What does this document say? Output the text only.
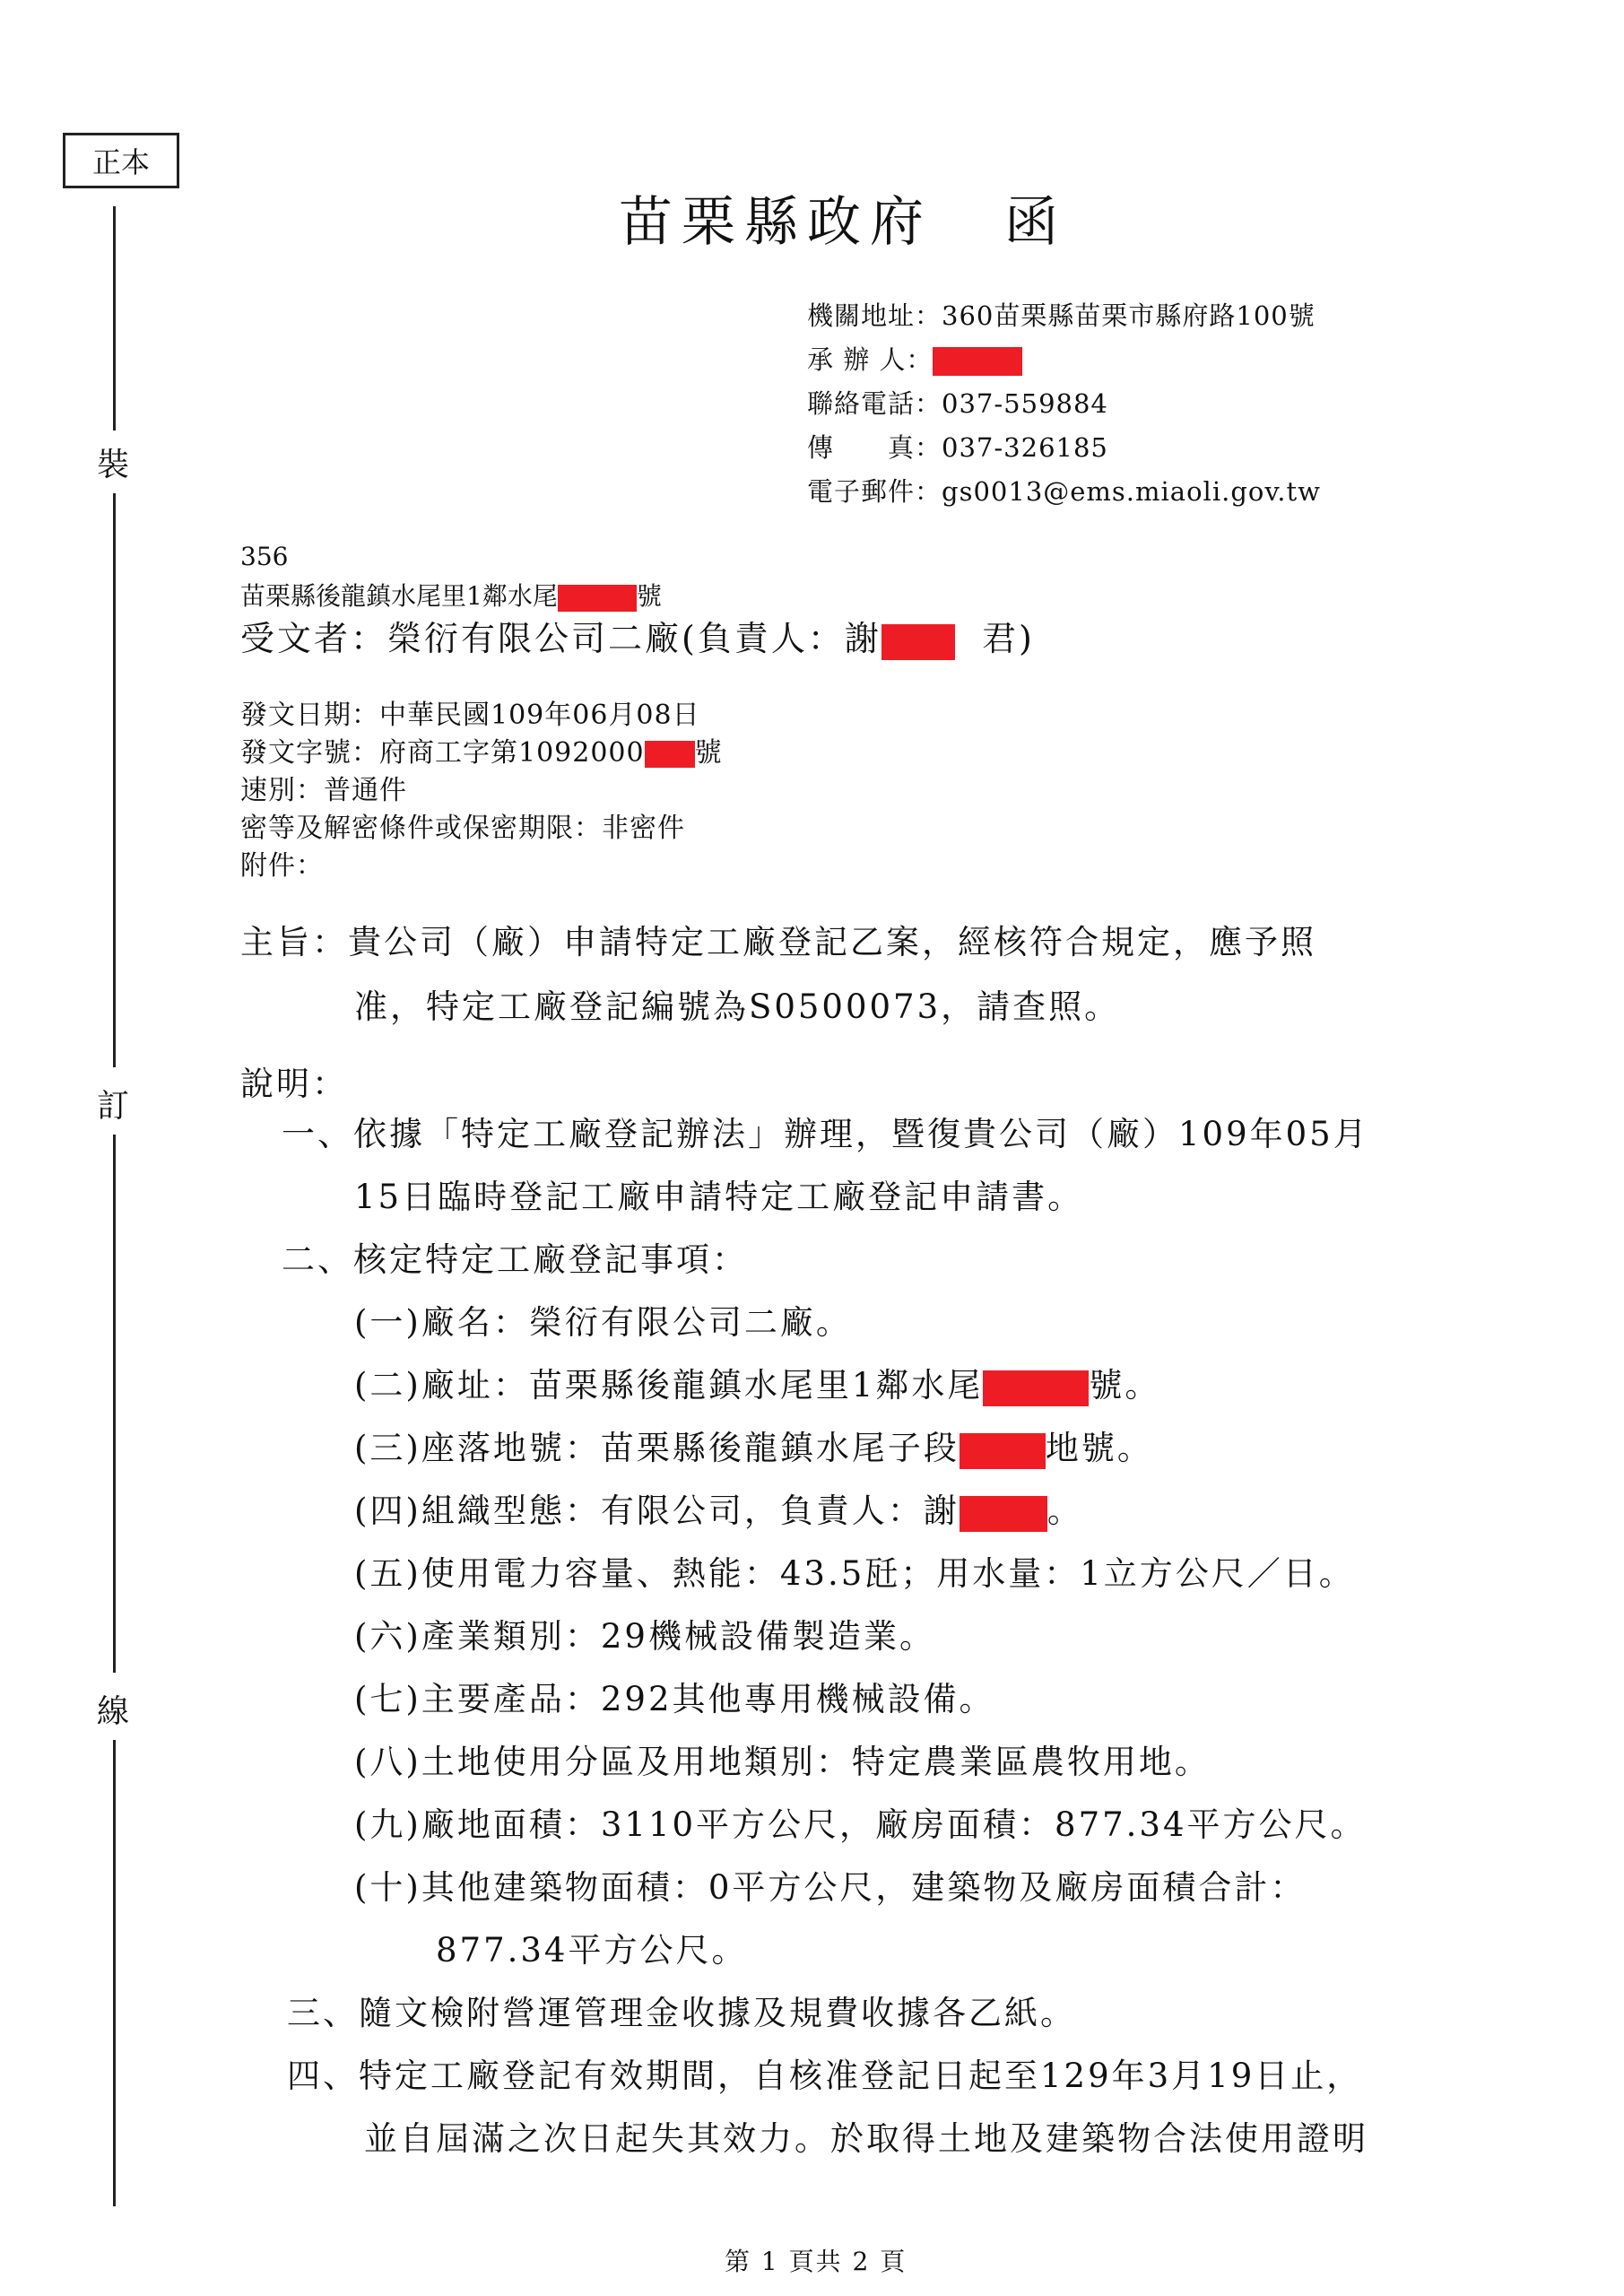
正本
裝
訂
線
苗栗縣政府 函
機關地址：360苗栗縣苗栗市縣府路100號
承 辦 人：
聯絡電話：037-559884
傳　　真：037-326185
電子郵件：gs0013@ems.miaoli.gov.tw
356
苗栗縣後龍鎮水尾里1鄰水尾	號
受文者：榮衍有限公司二廠(負責人：謝	君)
發文日期：中華民國109年06月08日
發文字號：府商工字第1092000 號
速別：普通件
密等及解密條件或保密期限：非密件
附件：
主旨：貴公司（廠）申請特定工廠登記乙案，經核符合規定，應予照
准，特定工廠登記編號為S0500073，請查照。
說明：
一、依據「特定工廠登記辦法」辦理，暨復貴公司（廠）109年05月
15日臨時登記工廠申請特定工廠登記申請書。
二、核定特定工廠登記事項：
(一)廠名：榮衍有限公司二廠。
(二)廠址：苗栗縣後龍鎮水尾里1鄰水尾	號。
(三)座落地號：苗栗縣後龍鎮水尾子段	地號。
(四)組織型態：有限公司，負責人：謝	。
(五)使用電力容量、熱能：43.5瓩；用水量：1立方公尺／日。
(六)產業類別：29機械設備製造業。
(七)主要產品：292其他專用機械設備。
(八)土地使用分區及用地類別：特定農業區農牧用地。
(九)廠地面積：3110平方公尺，廠房面積：877.34平方公尺。
(十)其他建築物面積：0平方公尺，建築物及廠房面積合計：
877.34平方公尺。
三、隨文檢附營運管理金收據及規費收據各乙紙。
四、特定工廠登記有效期間，自核准登記日起至129年3月19日止，
並自屆滿之次日起失其效力。於取得土地及建築物合法使用證明
第 1 頁共 2 頁
